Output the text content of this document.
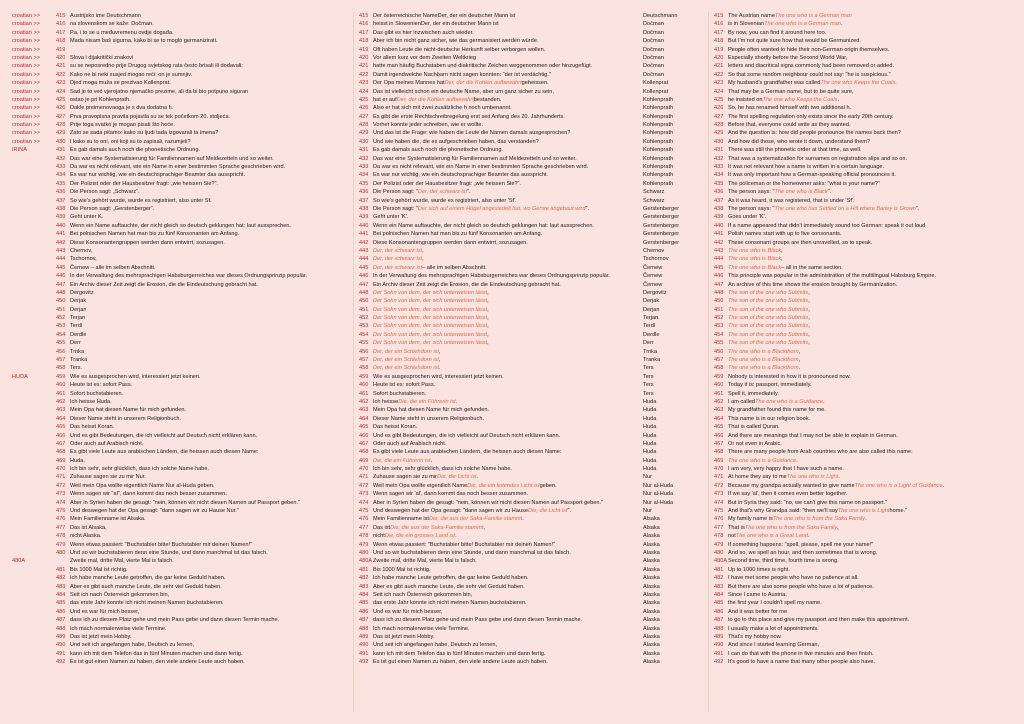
croatian >>	415 Austrijsko ime Deutschmann
croatian >>	416 na slovenskom se kaže: Dočman.
croatian >>	417 Pa, i to se u međuvremenu ovdje događa.
croatian >>	418 Mada nisam baš sigurna, kako bi se to moglo germanizirati.
croatian >>	419
croatian >>	420 Slova i dijakritički znakovi
croatian >>	421 su se neposredno prije Drugog svjetskog rata često brisali ili dodavali:
croatian >>	422 Kako ne bi neki susjed mogao reći: on je sumnjiv.
croatian >>	423 Djed moga muža se prezivao Kollenprat.
croatian >>	424 Sad je to već vjerojatno njemačko prezime, ali da bi bio potpuno siguran
croatian >>	425 ostao je pri Kohlenprath.
croatian >>	426 Dakle preimenovaoga je s dva dodatna h.
croatian >>	427 Prva pravopisna pravila pojavila su se tek početkom 20. stoljeća.
croatian >>	428 Prije toga svatko je mogao pisati što hoće.
croatian >>	429 Zato se sada pitamo: kako su ljudi tada izgovarali ta imena?
croatian >>	430 I kako su to oni, oni koji su to zapisali, razumjeli?
IRINA	431 Es gab damals auch noch die phonetische Ordnung.
432 Das war eine Systematisierung für Familiennamen auf Meldezetteln und so weiter.
433 Da war es nicht relevant, wie ein Name in einer bestimmten Sprache geschrieben wird.
434 Es war nur wichtig, wie ein deutschsprachiger Beamter das ausspricht.
435 Der Polizist oder der Hausbesitzer fragt: „wie heissen Sie?“.
436 Die Person sagt: „Schwarz“.
437 So wie's gehört wurde, wurde es registriert, also unter Sf.
438 Die Person sagt: „Gerstenberger“.
439 Geht unter K.
440 Wenn ein Name auftauchte, der nicht gleich so deutsch geklungen hat: laut aussprechen.
441 Bei polnischen Namen hat man bis zu fünf Konsonanten am Anfang.
442 Diese Konsonantengruppen werden dann entwirrt, sozusagen.
443 Chernov,
444 Tschornov,
445 Černew – alle im selben Abschnitt.
446 In der Verwaltung des mehrsprachigen Habsburgerreiches war dieses Ordnungsprinzip populär.
447 Ein Archiv dieser Zeit zeigt die Erosion, die die Eindeutschung gebracht hat.
448 Dergovitz
450 Derjak
451 Derjan
452 Terjan
453 Terdl
454 Derdle
455 Derr
456 Trnka
457 Tranka
458 Ters.
HUDA	459 Wie es ausgesprochen wird, interessiert jetzt keinen.
460 Heute ist es: sofort Pass.
461 Sofort buchstabieren.
462 Ich heisse Huda.
463 Mein Opa hat diesen Name für mich gefunden.
464 Dieser Name steht in unserem Religionbuch.
465 Das heisst Koran.
466 Und es gibt Bedeutungen, die ich vielleicht auf Deutsch nicht erklären kann.
467 Oder auch auf Arabisch nicht.
468 Es gibt viele Leute aus arabischen Ländern, die heissen auch diesen Name:
469 Huda.
470 Ich bin sehr, sehr glücklich, dass ich solche Name habe.
471 Zuhause sagen sie zu mir Nur.
472 Weil mein Opa wollte eigentlich Name Nur al-Huda geben.
473 Wenn sagen wir "al", dann kommt das noch besser zusammen.
474 Aber in Syrien haben die gesagt: "nein, können wir nicht diesen Namen auf Passport geben."
475 Und deswegen hat der Opa gesagt: "dann sagen wir zu Hause Nur."
476 Mein Familienname ist Alsaka.
477 Das ist Alsaka,
478 nicht Alaska.
479 Wenn etwas passiert: "Buchstabier bitte! Buchstabier mir deinen Namen!"
480 Und so wir buchstabieren denn eine Stunde, und dann manchmal ist das falsch.
480A	Zweite mal, dritte Mal, vierte Mal is falsch.
481 Bis 1000 Mal ist richtig.
482 Ich habe manche Leute getroffen, die gar keine Geduld haben.
483 Aber es gibt auch manche Leute, die sehr viel Geduld haben.
484 Seit ich nach Österreich gekommen bin,
485 das erste Jahr konnte ich nicht meinen Namen buchstabieren.
486 Und es war für mich besser,
487 dass ich zu diesem Platz gehe und mein Pass gebe und dann diesen Termin mache.
488 Ich mach normalerweise viele Termine.
489 Das ist jetzt mein Hobby.
490 Und seit ich angefangen habe, Deutsch zu lernen,
491 kann ich mit dem Telefon das in fünf Minuten machen und dann fertig.
492 Es ist gut einen Namen zu haben, den viele andere Leute auch haben.
415 Der österreichische NameDer, der ein deutscher Mann ist	Deutschmann
416 heisst in SlowenienDer, der ein deutscher Mann ist	Dočman
417 Das gibt es hier inzwischen auch wieder.	Dočman
418 Aber ich bin nicht ganz sicher, wie das germanisiert werden würde.	Dočman
419 Oft haben Leute die nicht-deutsche Herkunft selber verborgen wollen.	Dočman
420 Vor allem kurz vor dem Zweiten Weltkrieg	Dočman
421 hatte man häufig Buchstaben und diakritische Zeichen weggenommen oder hinzugefügt.	Dočman
422 Damit irgendwelche Nachbarn nicht sagen konnten: "der ist verdächtig."	Dočman
423 Der Opa meines Mannes hatDer, der die Kohlen aufbewahrtgeheissen.	Kollenprat
424 Das ist vielleicht schon ein deutsche Name, aber um ganz sicher zu sein,	Kollenprat
425 hat er aufDer, der die Kohlen aufbewahrtbestanden.	Kohlenprath
426 Also er hat sich mit zwei zusätzliche h noch umbenannt.	Kohlenprath
427 Es gibt die erste Rechtschreibregelung erst seit Anfang des 20. Jahrhunderts.	Kohlenprath
428 Vorher konnte jeder schreiben, wie er wollte.	Kohlenprath
429 Und das ist die Frage: wie haben die Leute die Namen damals ausgesprochen?	Kohlenprath
430 Und wie haben die, die es aufgeschrieben haben, das verstanden?	Kohlenprath
431 Es gab damals auch noch die phonetische Ordnung.	Kohlenprath
432 Das war eine Systematisierung für Familiennamen auf Meldezetteln und so weiter.	Kohlenprath
433 Da war es nicht relevant, wie ein Name in einer bestimmten Sprache geschrieben wird.	Kohlenprath
434 Es war nur wichtig, wie ein deutschsprachiger Beamter das ausspricht.	Kohlenprath
435 Der Polizist oder der Hausbesitzer fragt: „wie heissen Sie?“.	Kohlenprath
436 Die Person sagt: "Der, der schwarz ist".	Schwarz
437 So wie's gehört wurde, wurde es registriert, also unter 'Sf'.	Schwarz
438 Die Person sagt: "Der sich auf einem Hügel angesiedelt hat, wo Gerste angebaut wird".	Gerstenberger
439 Geht unter 'K'.	Gerstenberger
440 Wenn ein Name auftauchte, der nicht gleich so deutsch geklungen hat: laut aussprechen.	Gerstenberger
441 Bei polnischen Namen hat man bis zu fünf Konsonanten am Anfang.	Gerstenberger
442 Diese Konsonantengruppen werden dann entwirrt, sozusagen.	Gerstenberger
443 Der, der schwarz ist,	Chernov
444 Der, der schwarz ist,	Tschornov
445 Der, der schwarz ist– alle im selben Abschnitt.	Černew
446 In der Verwaltung des mehrsprachigen Habsburgerreiches war dieses Ordnungsprinzip populär.	Černew
447 Ein Archiv dieser Zeit zeigt die Erosion, die die Eindeutschung gebracht hat.	Černew
448 Der Sohn von dem, der sich unterweisen lässt,	Dergovitz
450 Der Sohn von dem, der sich unterweisen lässt,	Derjak
451 Der Sohn von dem, der sich unterweisen lässt,	Derjan
452 Der Sohn von dem, der sich unterweisen lässt,	Terjan
453 Der Sohn von dem, der sich unterweisen lässt,	Terdl
454 Der Sohn von dem, der sich unterweisen lässt,	Derdle
455 Der Sohn von dem, der sich unterweisen lässt,	Derr
456 Der, der ein Schlehdorn ist,	Trnka
457 Der, der ein Schlehdorn ist,	Tranka
458 Der, der ein Schlehdorn ist.	Ters
459 Wie es ausgesprochen wird, interessiert jetzt keinen.	Ters
460 Heute ist es: sofort Pass.	Ters
461 Sofort buchstabieren.	Ters
462 Ich heisseDie, die ein Führerin ist.	Huda
463 Mein Opa hat diesen Name für mich gefunden.	Huda
464 Dieser Name steht in unserem Religionbuch.	Huda
465 Das heisst Koran.	Huda
466 Und es gibt Bedeutungen, die ich vielleicht auf Deutsch nicht erklären kann.	Huda
467 Oder auch auf Arabisch nicht.	Huda
468 Es gibt viele Leute aus arabischen Ländern, die heissen auch diesen Name:	Huda
469 Die, die ein Führerin ist.	Huda
470 Ich bin sehr, sehr glücklich, dass ich solche Name habe.	Huda
471 Zuhause sagen sie zu mirDie, die Licht ist.	Nur
472 Weil mein Opa wollte eigentlich NameDie, die ein leitendes Licht istgeben.	Nur al-Huda
473 Wenn sagen wir 'al', dann kommt das noch besser zusammen.	Nur al-Huda
474 Aber in Syrien haben die gesagt: "nein, können wir nicht diesen Namen auf Passport geben."	Nur al-Huda
475 Und deswegen hat der Opa gesagt: "dann sagen wir zu HauseDie, die Licht ist".	Nur
476 Mein Familienname istDie, die aus der Saka-Familie stammt.	Alsaka
477 Das istDie, die aus der Saka-Familie stammt,	Alsaka
478 nichtDie, die ein grosses Land ist.	Alaska
479 Wenn etwas passiert: "Buchstabier bitte! Buchstabier mir deinen Namen!"	Alaska
480 Und so wir buchstabieren denn eine Stunde, und dann manchmal ist das falsch.	Alaska
480AZweite mal, dritte Mal, vierte Mal is falsch.	Alaska
481 Bis 1000 Mal ist richtig.	Alaska
482 Ich habe manche Leute getroffen, die gar keine Geduld haben.	Alaska
483 Aber es gibt auch manche Leute, die sehr viel Geduld haben.	Alaska
484 Seit ich nach Österreich gekommen bin,	Alaska
485 das erste Jahr konnte ich nicht meinen Namen buchstabieren.	Alaska
486 Und es war für mich besser,	Alaska
487 dass ich zu diesem Platz gehe und mein Pass gebe und dann diesen Termin mache.	Alaska
488 Ich mach normalerweise viele Termine.	Alaska
489 Das ist jetzt mein Hobby.	Alaska
490 Und seit ich angefangen habe, Deutsch zu lernen,	Alaska
491 kann ich mit dem Telefon das in fünf Minuten machen und dann fertig.	Alaska
492 Es ist gut einen Namen zu haben, den viele andere Leute auch haben.	Alaska
415 The Austrian nameThe one who is a German man
416 is in SlovenianThe one who is a German man.
417 By now, you can find it around here too.
418 But I'm not quite sure how that would be Germanized.
419 People often wanted to hide their non-German origin themselves.
420 Especially shortly before the Second World War,
421 letters and diacritical signs commonly had been removed or added.
422 So that some random neighbour could not say: "he is suspicious."
423 My husband's grandfather was calledThe one who Keeps the Coals.
424 That may be a German name, but to be quite sure,
425 he insisted onThe one who Keeps the Coals.
426 So, he has renamed himself with two additional h.
427 The first spelling regulation only exists since the early 20th century.
428 Before that, everyone could write as they wanted.
429 And the question is: how did people pronounce the names back then?
430 And how did those, who wrote it down, understand them?
431 There was still the phonetic order at that time, as well.
432 That was a systematization for surnames on registration slips and so on.
433 It was not relevant how a name is written in a certain language.
434 It was only important how a German-speaking official pronounces it.
435 The policeman or the homeowner asks: "what is your name?"
436 The person says: "The one who is Black".
437 As it was heard, it was registered, that is under 'Sf'.
438 The person says: "The one who has Settled on a Hill where Barley is Grown".
439 Goes under 'K'.
440 If a name appeared that didn't immediately sound too German: speak it out loud.
441 Polish names start with up to five consonants.
442 These consonant groups are then unravelled, so to speak.
443 The one who is Black,
444 The one who is Black,
445 The one who is Black– all in the same section.
446 This principle was popular in the administration of the multilingual Habsburg Empire.
447 An archive of this time shows the erosion brought by Germanization.
448 The son of the one who Submits,
450 The son of the one who Submits,
451 The son of the one who Submits,
452 The son of the one who Submits,
453 The son of the one who Submits,
454 The son of the one who Submits,
455 The son of the one who Submits,
456 The one who is a Blackthorn,
457 The one who is a Blackthorn,
458 The one who is a Blackthorn.
459 Nobody is interested in how it is pronounced now.
460 Today it is: passport, immediately.
461 Spell it, immediately.
462 I am calledThe one who is a Guidance.
463 My grandfather found this name for me.
464 This name is in our religion book.
465 That is called Quran.
466 And there are meanings that I may not be able to explain in German.
467 Or not even in Arabic.
468 There are many people from Arab countries who are also called this name:
469 The one who is a Guidance.
470 I am very, very happy that I have such a name.
471 At home they say to meThe one who is Light.
472 Because my grandpa actually wanted to give nameThe one who is a Light of Guidance.
473 If we say 'al', then it comes even better together.
474 But in Syria they said: "no, we can't give this name on passport."
475 And that's why Grandpa said: "then we'll sayThe one who is Lighthome."
476 My family name isThe one who is from the Saka Family.
477 That isThe one who is from the Saka Family,
478 notThe one who is a Great Land.
479 If something happens: "spell, please, spell me your name!"
480 And so, we spell an hour, and then sometimes that is wrong.
480ASecond time, third time, fourth time is wrong.
481 Up to 1000 times is right.
482 I have met some people who have no patience at all.
483 But there are also some people who have a lot of patience.
484 Since I came to Austria,
485 the first year I couldn't spell my name.
486 And it was better for me
487 to go to this place and give my passport and then make this appointment.
488 I usually make a lot of appointments.
489 That's my hobby now.
490 And since I started learning German,
491 I can do that with the phone in five minutes and then finish.
492 It's good to have a name that many other people also have.
